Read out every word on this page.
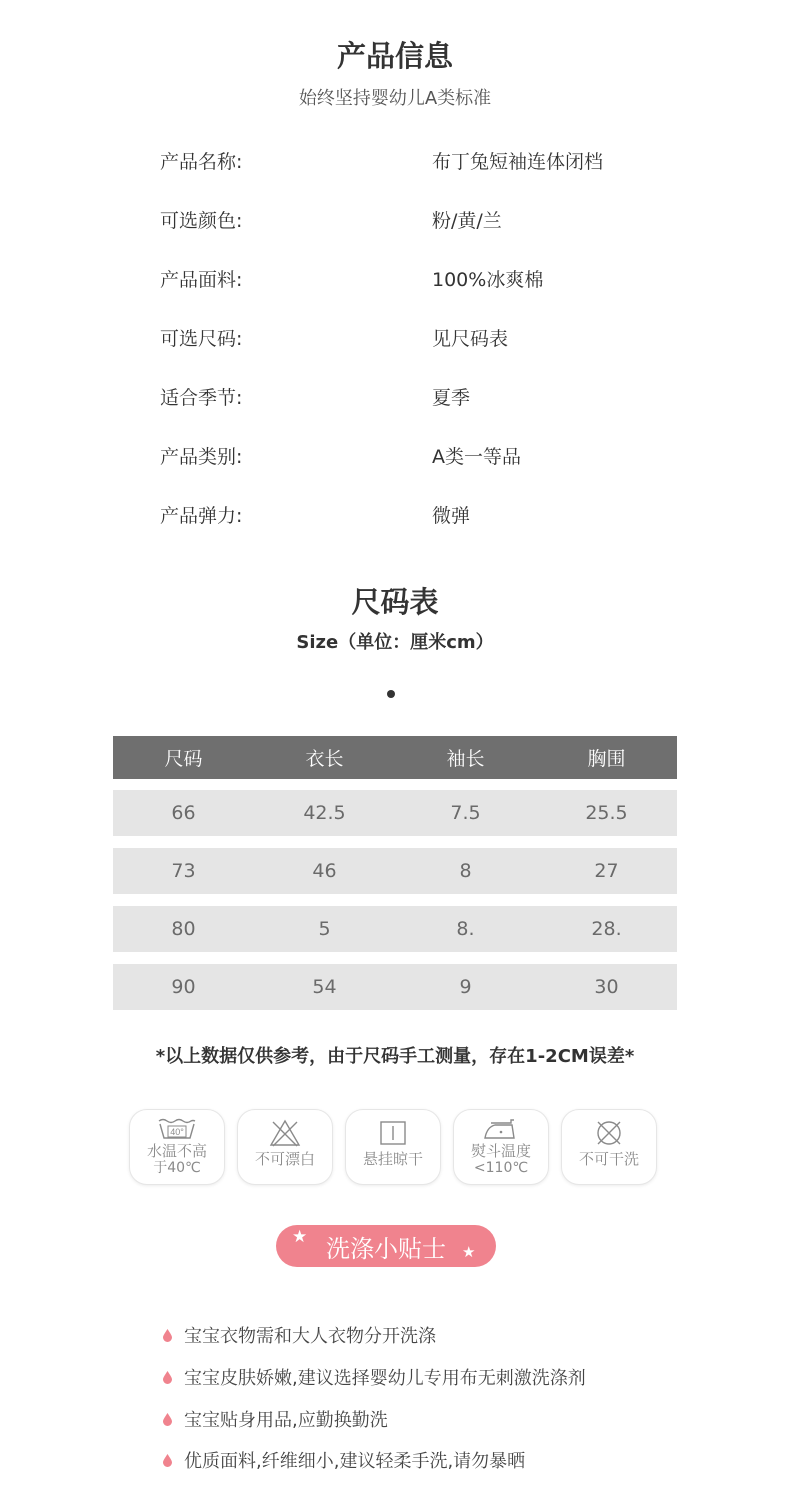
产品信息
始终坚持婴幼儿A类标准
产品名称:	布丁兔短袖连体闭档
可选颜色:	粉/黄/兰
产品面料:	100%冰爽棉
可选尺码:	见尺码表
适合季节:	夏季
产品类别:	A类一等品
产品弹力:	微弹
尺码表
Size（单位：厘米cm）
尺码	衣长	袖长	胸围
66	42.5	7.5	25.5
73	46	8	27
80	5	8.	28.
90	54	9	30
*以上数据仅供参考，由于尺码手工测量，存在1-2CM误差*
40°
水温不高
于40℃	不可漂白	悬挂晾干	熨斗温度
<110℃	不可干洗
★ 洗涤小贴士 ★
宝宝衣物需和大人衣物分开洗涤
宝宝皮肤娇嫩,建议选择婴幼儿专用布无刺激洗涤剂
宝宝贴身用品,应勤换勤洗
优质面料,纤维细小,建议轻柔手洗,请勿暴晒
